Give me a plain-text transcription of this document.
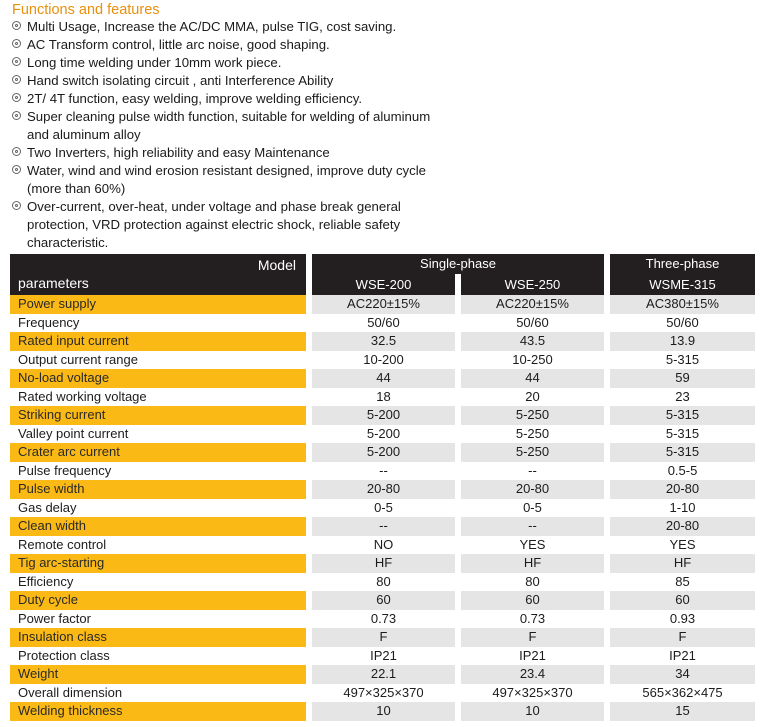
Functions and features
Multi Usage, Increase the AC/DC MMA, pulse TIG, cost saving.
AC Transform control, little arc noise, good shaping.
Long time welding under 10mm work piece.
Hand switch isolating circuit , anti Interference Ability
2T/ 4T function, easy welding, improve welding efficiency.
Super cleaning pulse width function, suitable for welding of aluminum
and aluminum alloy
Two Inverters, high reliability and easy Maintenance
Water, wind and wind erosion resistant designed, improve duty cycle
(more than 60%)
Over-current, over-heat, under voltage and phase break general
protection, VRD protection against electric shock, reliable safety
characteristic.
Model
parameters		Single-phase				Three-phase
		WSE-200		WSE-250		WSME-315
Power supply		AC220±15%		AC220±15%		AC380±15%
Frequency		50/60		50/60		50/60
Rated input current		32.5		43.5		13.9
Output current range		10-200		10-250		5-315
No-load voltage		44		44		59
Rated working voltage		18		20		23
Striking current		5-200		5-250		5-315
Valley point current		5-200		5-250		5-315
Crater arc current		5-200		5-250		5-315
Pulse frequency		--		--		0.5-5
Pulse width		20-80		20-80		20-80
Gas delay		0-5		0-5		1-10
Clean width		--		--		20-80
Remote control		NO		YES		YES
Tig arc-starting		HF		HF		HF
Efficiency		80		80		85
Duty cycle		60		60		60
Power factor		0.73		0.73		0.93
Insulation class		F		F		F
Protection class		IP21		IP21		IP21
Weight		22.1		23.4		34
Overall dimension		497×325×370		497×325×370		565×362×475
Welding thickness		10		10		15
